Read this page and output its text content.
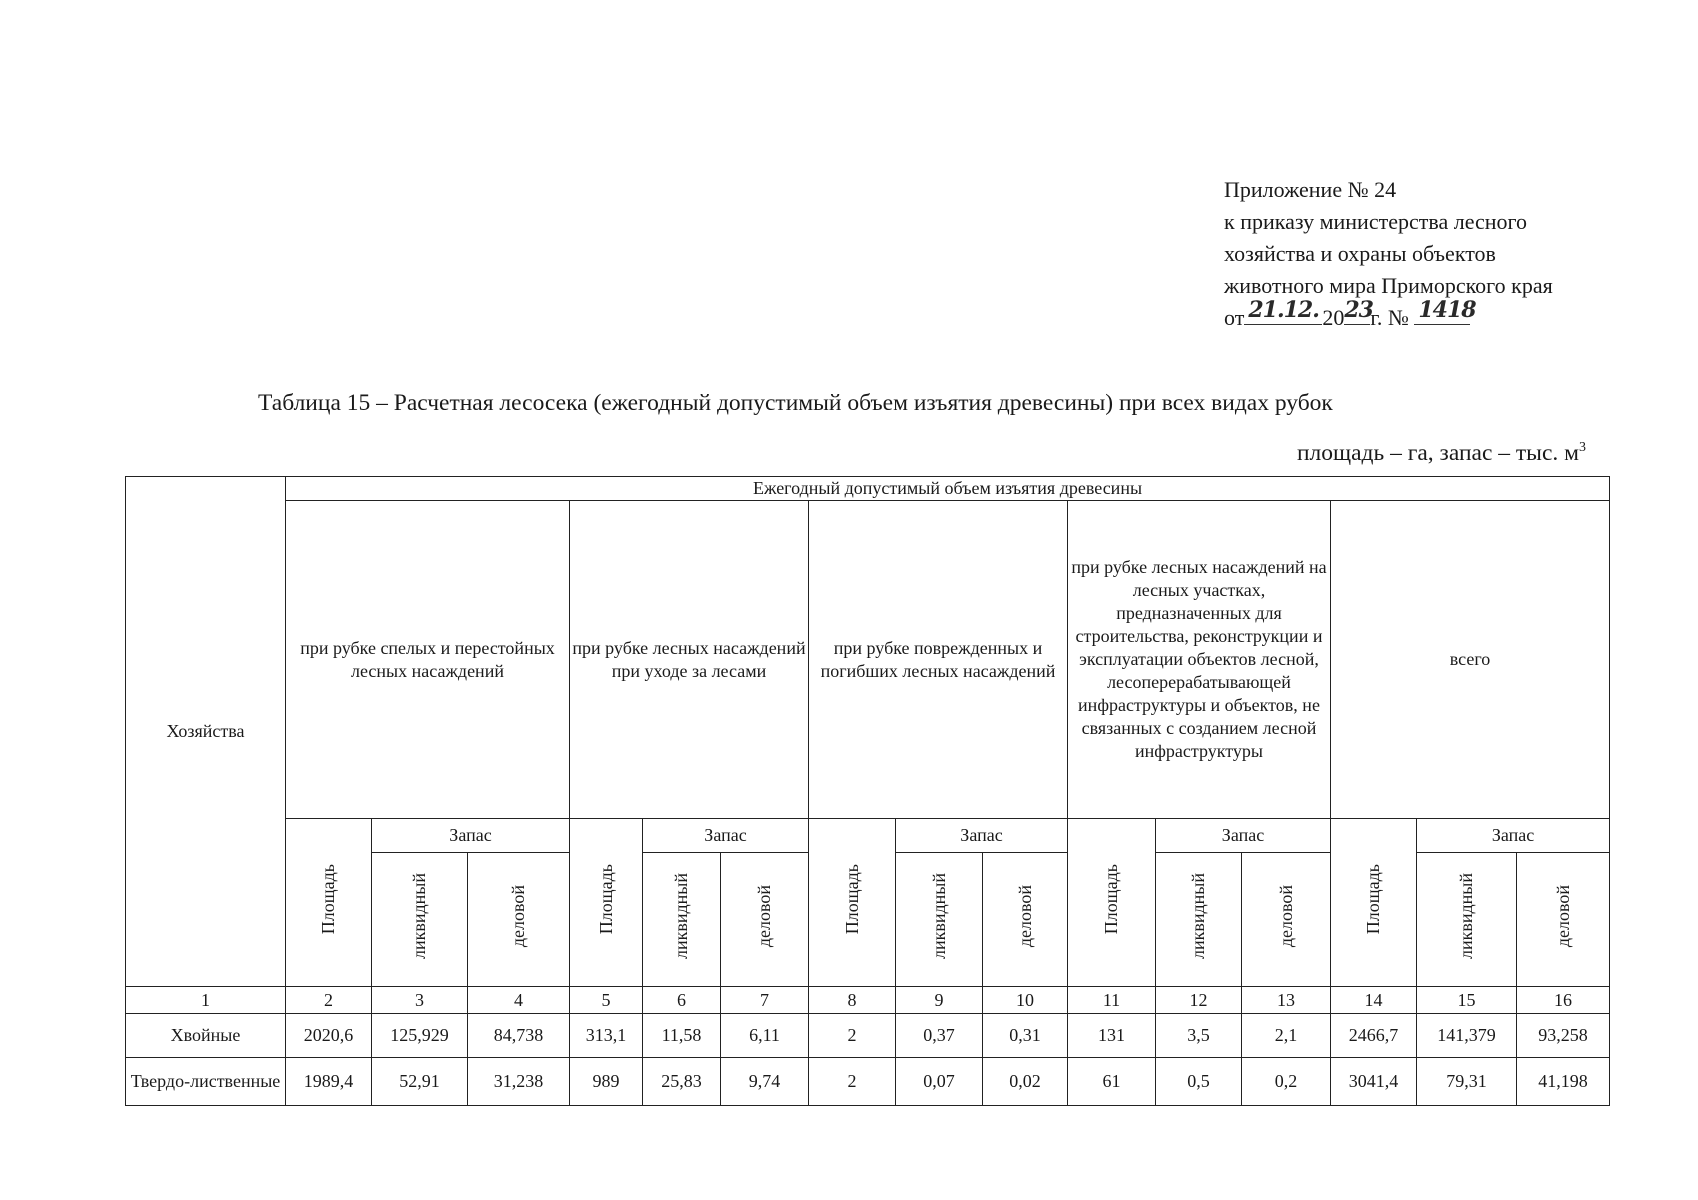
Приложение № 24
к приказу министерства лесного
хозяйства и охраны объектов
животного мира Приморского края
от 21.12. 20 23
г. № 1418
Таблица 15 – Расчетная лесосека (ежегодный допустимый объем изъятия древесины) при всех видах рубок
площадь – га, запас – тыс. $м^3$
Хозяйства	Ежегодный допустимый объем изъятия древесины														
	при рубке спелых и перестойных лесных насаждений			при рубке лесных насаждений при уходе за лесами			при рубке поврежденных и погибших лесных насаждений			при рубке лесных насаждений на лесных участках, предназначенных для строительства, реконструкции и эксплуатации объектов лесной, лесоперерабатывающей инфраструктуры и объектов, не связанных с созданием лесной инфраструктуры			всего		
	Площадь	Запас		Площадь	Запас		Площадь	Запас		Площадь	Запас		Площадь	Запас	
		ликвидный	деловой		ликвидный	деловой		ликвидный	деловой		ликвидный	деловой		ликвидный	деловой
1	2	3	4	5	6	7	8	9	10	11	12	13	14	15	16
Хвойные	2020,6	125,929	84,738	313,1	11,58	6,11	2	0,37	0,31	131	3,5	2,1	2466,7	141,379	93,258
Твердо-лиственные	1989,4	52,91	31,238	989	25,83	9,74	2	0,07	0,02	61	0,5	0,2	3041,4	79,31	41,198
